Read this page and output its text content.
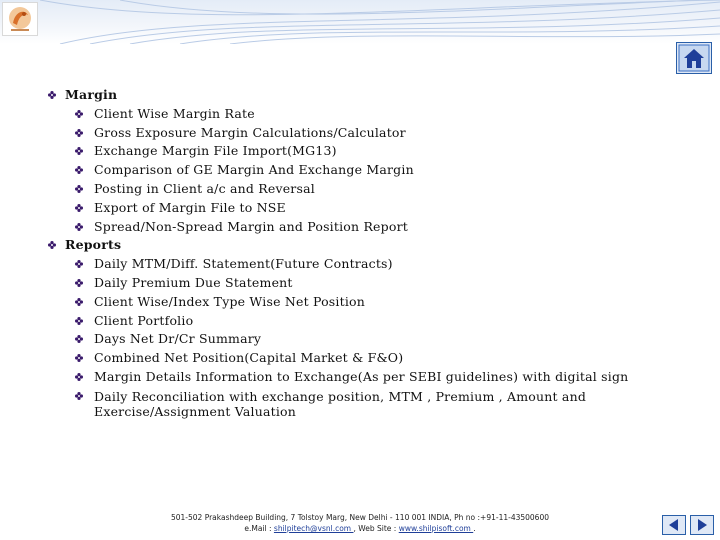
Margin
Client Wise Margin Rate
Gross Exposure Margin Calculations/Calculator
Exchange Margin File Import(MG13)
Comparison of GE Margin And Exchange Margin
Posting in Client a/c and Reversal
Export of Margin File to NSE
Spread/Non-Spread Margin and Position Report
Reports
Daily MTM/Diff. Statement(Future Contracts)
Daily Premium Due Statement
Client Wise/Index Type Wise Net Position
Client Portfolio
Days Net Dr/Cr Summary
Combined Net Position(Capital Market & F&O)
Margin Details Information to Exchange(As per SEBI guidelines) with digital sign
Daily Reconciliation with exchange position, MTM , Premium , Amount and Exercise/Assignment Valuation
501-502 Prakashdeep Building, 7 Tolstoy Marg, New Delhi - 110 001 INDIA, Ph no :+91-11-43500600
e.Mail : shilpitech@vsnl.com , Web Site : www.shilpisoft.com .
